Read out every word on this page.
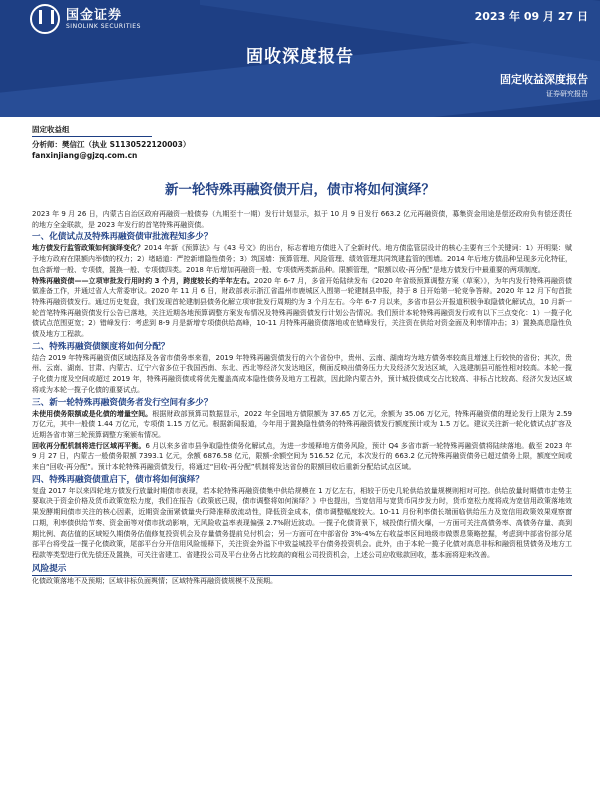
国金证券
SINOLINK SECURITIES
2023 年 09 月 27 日
固收深度报告
固定收益深度报告
证券研究报告
固定收益组
分析师：樊信江（执业 S1130522120003）
fanxinjiang@gjzq.com.cn
新一轮特殊再融资债开启，债市将如何演绎？

2023 年 9 月 26 日，内蒙古自治区政府再融资一般债券（九期至十一期）发行计划显示，拟于 10 月 9 日发行 663.2 亿元再融资债，募集资金用途是偿还政府负有偿还责任的地方全金联款，是 2023 年发行的首笔特殊再融资债。

一、化债试点及特殊再融资债审批流程知多少？

地方债发行监管政策如何演绎变化？2014 年新《预算法》与《43 号文》的出台，标志着地方债进入了全新时代。地方债监管层设计的核心主要有三个关键词：1）开明渠：赋予地方政府在限额内举债的权力；2）堵暗道：严控新增隐性债务；3）筑国墙：预算管理、风险管理、绩效管理共同筑建监管的围墙。2014 年后地方债品种呈现多元化特征，包含新增一般、专项债，置换一般、专项债四类。2018 年后增加再融资一般、专项债两类新品种。限额管理，“限额以收-再分配”是地方债发行中最重要的两项制度。

特殊再融资债——立项审批发行用时约 3 个月，跨度较长约半年左右。2020 年 6-7 月，多省开始陆续发布《2020 年省级预算调整方案（草案）》，为年内发行特殊再融资债做准备工作，并通过省人大常委审议。2020 年 11 月 6 日，财政部表示浙江省温州市鹿城区入围第一轮建制县申报，持于 8 日开始第一轮竞争答辩。2020 年 12 月下旬首批特殊再融资债发行。通过历史复盘，我们发现首轮建制县债务化解立项审批发行周期约为 3 个月左右。今年 6-7 月以来，多省市县公开报道积极争取隐债化解试点，10 月新一轮首笔特殊再融资债发行公告已落地，关注近期各地预算调整方案发布情况及特殊再融资债发行计划公告情况。我们预计本轮特殊再融资发行或有以下三点变化：1）一揽子化债试点范围更宽；2）错峰发行：考虑到 8-9 月是新增专项债供给高峰，10-11 月特殊再融资债落地或在错峰发行，关注资在供给对资金面及利率情冲击；3）置换高息隐性负债及地方工程款。

二、特殊再融资债额度将如何分配？

结合 2019 年特殊再融资债区域选择及各省市债务率来看，2019 年特殊再融资债发行的六个省份中，贵州、云南、湖南均为地方债务率较高且增速上行较快的省份；其次，贵州、云南、湖南、甘肃、内蒙古、辽宁六省多位于我国西南、东北、西北等经济欠发达地区，侧面反映出债务压力大及经济欠发达区域，入选建制县可能性相对较高。本轮一揽子化债力度及空间或超过 2019 年，特殊再融资债或将优先覆盖高成本隐性债务及地方工程款，因此除内蒙古外，预计城投债成交占比较高、非标占比较高、经济欠发达区域将或为本轮一揽子化债的重要试点。

三、新一轮特殊再融资债务者发行空间有多少？

未使用债务限额或是化债的增量空间。根据财政部预算司数据显示，2022 年全国地方债限额为 37.65 万亿元，余额为 35.06 万亿元，特殊再融资债的理论发行上限为 2.59 万亿元，其中一般债 1.44 万亿元，专项债 1.15 万亿元。根据新闻报道，今年用于置换隐性债务的特殊再融资债发行额度预计或为 1.5 万亿。建议关注新一轮化债试点扩容及近期各省市第三轮预算调整方案颁布情况。

回收再分配机制将进行区域再平衡。6 月以来多省市县争取隐性债务化解试点，为进一步缓释地方债务风险，预计 Q4 多省市新一轮特殊再融资债将陆续落地。截至 2023 年 9 月 27 日，内蒙古一般债务限额 7393.1 亿元，余额 6876.58 亿元，限额-余额空间为 516.52 亿元，本次发行的 663.2 亿元特殊再融资债务已超过债务上限，额度空间或来自“回收-再分配”。预计本轮特殊再融资债发行，将通过“回收-再分配”机制将发达省份的限额回收后重新分配给试点区域。

四、特殊再融资债重启下，债市将如何演绎？

复盘 2017 年以来四轮地方债发行放量时期债市表现，若本轮特殊再融资债集中供给规模在 1 万亿左右，相较于历史几轮供给放量规模则相对可控。供给放量时期债市走势主要取决于资金价格及货币政策宽松力度，我们在报告《政策底已现，债市调整将如何演绎？》中也提出，当宽信用与宽货币同步发力时，货币宽松力度将成为宽信用政策落地效果发酵期间债市关注的核心因素，近期资金面紧债量央行降准释放流动性，降低资金成本，债市调整幅度较大。10-11 月份利率债长端面临供给压力及宽信用政策效果观察窗口期，利率债供给节奏、资金面等对债市扰动影响，无风险收益率表现偏强 2.7%附近波动。一揽子化债背景下，城投债行情火爆，一方面可关注高债务率、高债务存量、高到期比例、高估值的区域短久期债务估值修复投资机会及存量债务提前兑付机会；另一方面可在中部省份 3%-4%左右收益率区间地级市做票息策略挖掘，考虑到中部省份部分尾部平台将受益一揽子化债政策，尾部平台分开信用风险缓释下，关注资金外溢下中致益城投平台债务投资机会。此外，由于本轮一揽子化债对高息非标和融资租赁债务及地方工程款等类型进行优先偿还及置换，可关注省建工、省建投公司及平台业务占比较高的商租公司投资机会，上述公司应收账款回收，基本面将迎来改善。

风险提示

化债政策落地不及预期；区域非标负面舆情；区域特殊再融资债规模不及预期。
